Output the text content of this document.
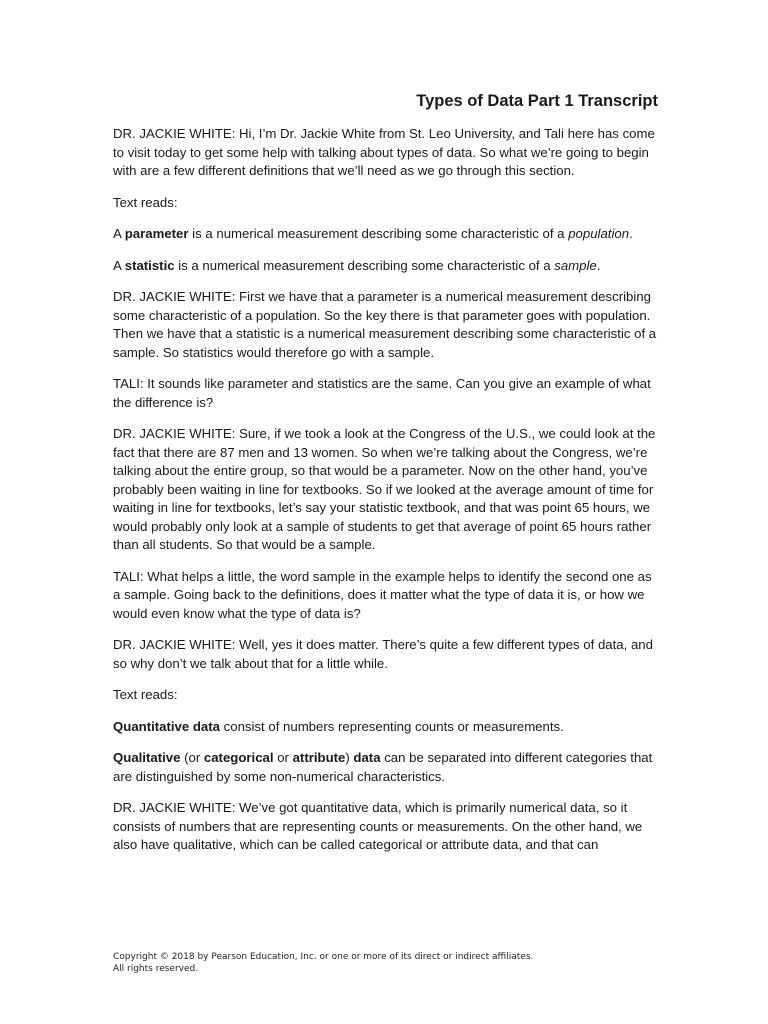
Types of Data Part 1 Transcript

DR. JACKIE WHITE: Hi, I’m Dr. Jackie White from St. Leo University, and Tali here has come to visit today to get some help with talking about types of data. So what we’re going to begin with are a few different definitions that we’ll need as we go through this section.

Text reads:

A parameter is a numerical measurement describing some characteristic of a population.

A statistic is a numerical measurement describing some characteristic of a sample.

DR. JACKIE WHITE: First we have that a parameter is a numerical measurement describing some characteristic of a population. So the key there is that parameter goes with population. Then we have that a statistic is a numerical measurement describing some characteristic of a sample. So statistics would therefore go with a sample.

TALI: It sounds like parameter and statistics are the same. Can you give an example of what the difference is?

DR. JACKIE WHITE: Sure, if we took a look at the Congress of the U.S., we could look at the fact that there are 87 men and 13 women. So when we’re talking about the Congress, we’re talking about the entire group, so that would be a parameter. Now on the other hand, you’ve probably been waiting in line for textbooks. So if we looked at the average amount of time for waiting in line for textbooks, let’s say your statistic textbook, and that was point 65 hours, we would probably only look at a sample of students to get that average of point 65 hours rather than all students. So that would be a sample.

TALI: What helps a little, the word sample in the example helps to identify the second one as a sample. Going back to the definitions, does it matter what the type of data it is, or how we would even know what the type of data is?

DR. JACKIE WHITE: Well, yes it does matter. There’s quite a few different types of data, and so why don’t we talk about that for a little while.

Text reads:

Quantitative data consist of numbers representing counts or measurements.

Qualitative (or categorical or attribute) data can be separated into different categories that are distinguished by some non-numerical characteristics.

DR. JACKIE WHITE: We’ve got quantitative data, which is primarily numerical data, so it consists of numbers that are representing counts or measurements. On the other hand, we also have qualitative, which can be called categorical or attribute data, and that can

Copyright © 2018 by Pearson Education, Inc. or one or more of its direct or indirect affiliates.
All rights reserved.
